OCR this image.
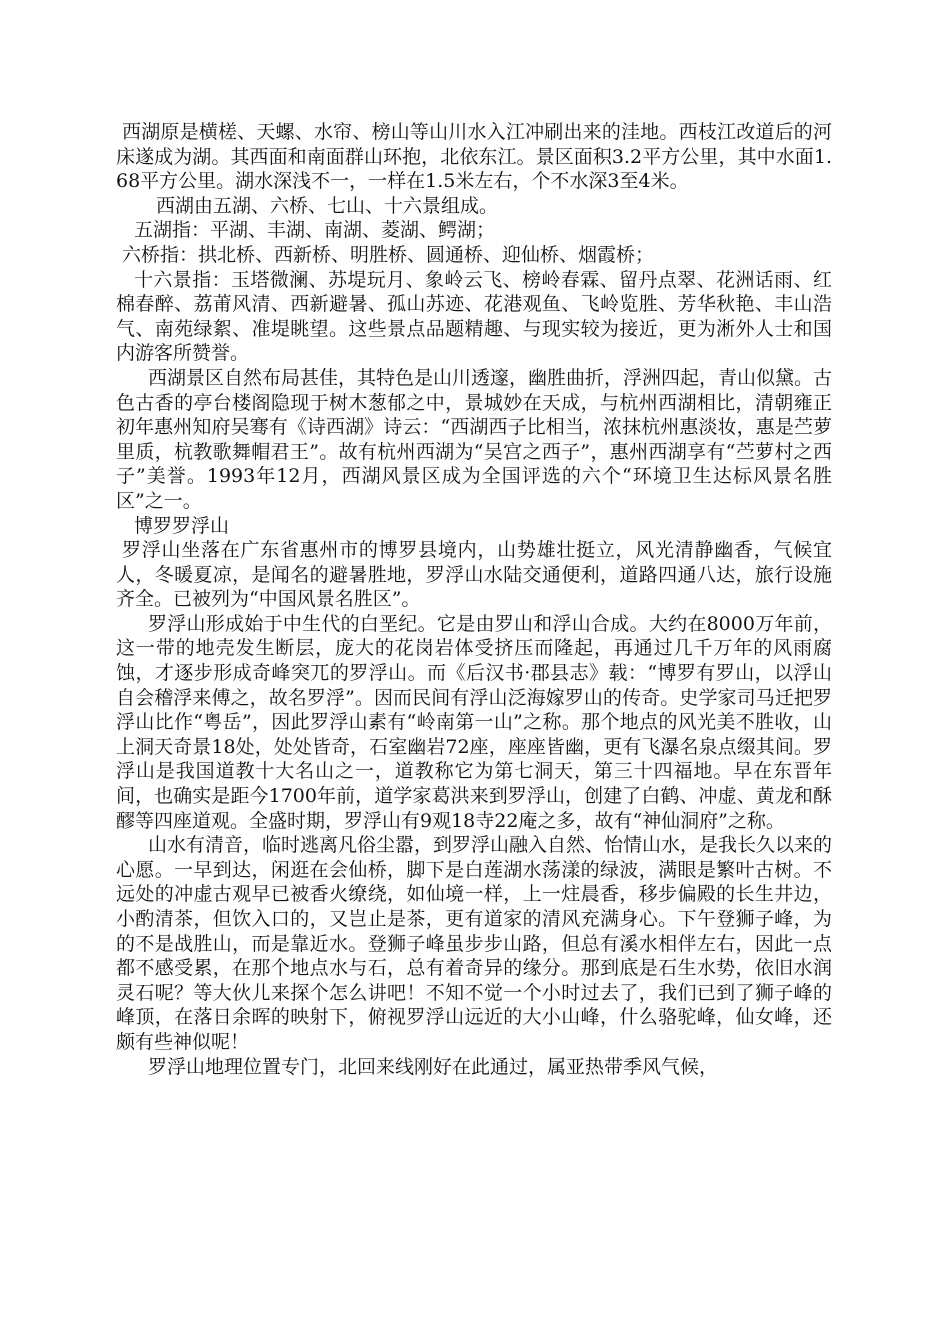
西湖原是横槎、天螺、水帘、榜山等山川水入江冲刷出来的洼地。西枝江改道后的河床遂成为湖。其西面和南面群山环抱，北依东江。景区面积3.2平方公里，其中水面1.68平方公里。湖水深浅不一，一样在1.5米左右，个不水深3至4米。

西湖由五湖、六桥、七山、十六景组成。

五湖指：平湖、丰湖、南湖、菱湖、鳄湖；

六桥指：拱北桥、西新桥、明胜桥、圆通桥、迎仙桥、烟霞桥；

十六景指：玉塔微澜、苏堤玩月、象岭云飞、榜岭春霖、留丹点翠、花洲话雨、红棉春醉、荔莆风清、西新避暑、孤山苏迹、花港观鱼、飞岭览胜、芳华秋艳、丰山浩气、南苑绿絮、准堤眺望。这些景点品题精趣、与现实较为接近，更为淅外人士和国内游客所赞誉。

西湖景区自然布局甚佳，其特色是山川透邃，幽胜曲折，浮洲四起，青山似黛。古色古香的亭台楼阁隐现于树木葱郁之中，景城妙在天成，与杭州西湖相比，清朝雍正初年惠州知府吴骞有《诗西湖》诗云：“西湖西子比相当，浓抹杭州惠淡妆，惠是苎萝 里质，杭教歌舞帽君王”。故有杭州西湖为“吴宫之西子”，惠州西湖享有“苎萝村之西子”美誉。1993年12月，西湖风景区成为全国评选的六个“环境卫生达标风景名胜区”之一。

博罗罗浮山

罗浮山坐落在广东省惠州市的博罗县境内，山势雄壮挺立，风光清静幽香，气候宜人，冬暖夏凉，是闻名的避暑胜地，罗浮山水陆交通便利，道路四通八达，旅行设施齐全。已被列为“中国风景名胜区”。

罗浮山形成始于中生代的白垩纪。它是由罗山和浮山合成。大约在8000万年前，这一带的地壳发生断层，庞大的花岗岩体受挤压而隆起，再通过几千万年的风雨腐蚀，才逐步形成奇峰突兀的罗浮山。而《后汉书·郡县志》载：“博罗有罗山，以浮山自会稽浮来傅之，故名罗浮”。因而民间有浮山泛海嫁罗山的传奇。史学家司马迁把罗浮山比作“粤岳”，因此罗浮山素有“岭南第一山”之称。那个地点的风光美不胜收，山上洞天奇景18处，处处皆奇，石室幽岩72座，座座皆幽，更有飞瀑名泉点缀其间。罗浮山是我国道教十大名山之一，道教称它为第七洞天，第三十四福地。早在东晋年间，也确实是距今1700年前，道学家葛洪来到罗浮山，创建了白鹤、冲虚、黄龙和酥醪等四座道观。全盛时期，罗浮山有9观18寺22庵之多，故有“神仙洞府”之称。

山水有清音，临时逃离凡俗尘嚣，到罗浮山融入自然、怡情山水，是我长久以来的心愿。一早到达，闲逛在会仙桥，脚下是白莲湖水荡漾的绿波，满眼是繁叶古树。不远处的冲虚古观早已被香火缭绕，如仙境一样，上一炷晨香，移步偏殿的长生井边，小酌清茶，但饮入口的，又岂止是茶，更有道家的清风充满身心。下午登狮子峰，为的不是战胜山，而是靠近水。登狮子峰虽步步山路，但总有溪水相伴左右，因此一点都不感受累，在那个地点水与石，总有着奇异的缘分。那到底是石生水势，依旧水润灵石呢？等大伙儿来探个怎么讲吧！不知不觉一个小时过去了，我们已到了狮子峰的峰顶，在落日余晖的映射下，俯视罗浮山远近的大小山峰，什么骆驼峰，仙女峰，还颇有些神似呢！

罗浮山地理位置专门，北回来线刚好在此通过，属亚热带季风气候，
